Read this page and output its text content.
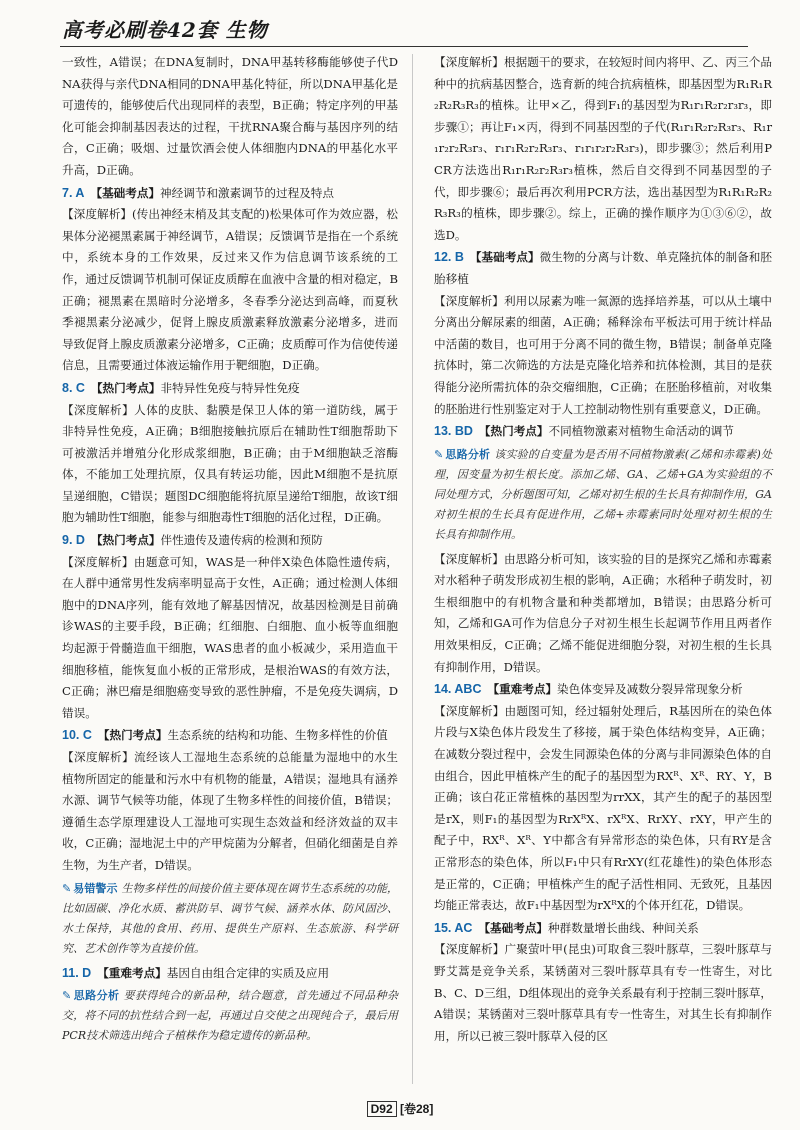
高考必刷卷42套 生物

一致性，A错误；在DNA复制时，DNA甲基转移酶能够使子代DNA获得与亲代DNA相同的DNA甲基化特征，所以DNA甲基化是可遗传的，能够使后代出现同样的表型，B正确；特定序列的甲基化可能会抑制基因表达的过程，干扰RNA聚合酶与基因序列的结合，C正确；吸烟、过量饮酒会使人体细胞内DNA的甲基化水平升高，D正确。

7. A 【基础考点】神经调节和激素调节的过程及特点

【深度解析】(传出神经末梢及其支配的)松果体可作为效应器，松果体分泌褪黑素属于神经调节，A错误；反馈调节是指在一个系统中，系统本身的工作效果，反过来又作为信息调节该系统的工作，通过反馈调节机制可保证皮质醇在血液中含量的相对稳定，B正确；褪黑素在黑暗时分泌增多，冬春季分泌达到高峰，而夏秋季褪黑素分泌减少，促肾上腺皮质激素释放激素分泌增多，进而导致促肾上腺皮质激素分泌增多，C正确；皮质醇可作为信使传递信息，且需要通过体液运输作用于靶细胞，D正确。

8. C 【热门考点】非特异性免疫与特异性免疫

【深度解析】人体的皮肤、黏膜是保卫人体的第一道防线，属于非特异性免疫，A正确；B细胞接触抗原后在辅助性T细胞帮助下可被激活并增殖分化形成浆细胞，B正确；由于M细胞缺乏溶酶体，不能加工处理抗原，仅具有转运功能，因此M细胞不是抗原呈递细胞，C错误；题图DC细胞能将抗原呈递给T细胞，故该T细胞为辅助性T细胞，能参与细胞毒性T细胞的活化过程，D正确。

9. D 【热门考点】伴性遗传及遗传病的检测和预防

【深度解析】由题意可知，WAS是一种伴X染色体隐性遗传病，在人群中通常男性发病率明显高于女性，A正确；通过检测人体细胞中的DNA序列，能有效地了解基因情况，故基因检测是目前确诊WAS的主要手段，B正确；红细胞、白细胞、血小板等血细胞均起源于骨髓造血干细胞，WAS患者的血小板减少，采用造血干细胞移植，能恢复血小板的正常形成，是根治WAS的有效方法，C正确；淋巴瘤是细胞癌变导致的恶性肿瘤，不是免疫失调病，D错误。

10. C 【热门考点】生态系统的结构和功能、生物多样性的价值

【深度解析】流经该人工湿地生态系统的总能量为湿地中的水生植物所固定的能量和污水中有机物的能量，A错误；湿地具有涵养水源、调节气候等功能，体现了生物多样性的间接价值，B错误；遵循生态学原理建设人工湿地可实现生态效益和经济效益的双丰收，C正确；湿地泥土中的产甲烷菌为分解者，但硝化细菌是自养生物，为生产者，D错误。

✎ 易错警示 生物多样性的间接价值主要体现在调节生态系统的功能，比如固碳、净化水质、蓄洪防旱、调节气候、涵养水体、防风固沙、水土保持，其他的食用、药用、提供生产原料、生态旅游、科学研究、艺术创作等为直接价值。

11. D 【重难考点】基因自由组合定律的实质及应用

✎ 思路分析 要获得纯合的新品种，结合题意，首先通过不同品种杂交，将不同的抗性结合到一起，再通过自交使之出现纯合子，最后用PCR技术筛选出纯合子植株作为稳定遗传的新品种。

【深度解析】根据题干的要求，在较短时间内将甲、乙、丙三个品种中的抗病基因整合，选育新的纯合抗病植株，即基因型为R₁R₁R₂R₂R₃R₃的植株。让甲×乙，得到F₁的基因型为R₁r₁R₂r₂r₃r₃，即步骤①；再让F₁×丙，得到不同基因型的子代(R₁r₁R₂r₂R₃r₃、R₁r₁r₂r₂R₃r₃、r₁r₁R₂r₂R₃r₃、r₁r₁r₂r₂R₃r₃)，即步骤③；然后利用PCR方法选出R₁r₁R₂r₂R₃r₃植株，然后自交得到不同基因型的子代，即步骤⑥；最后再次利用PCR方法，选出基因型为R₁R₁R₂R₂R₃R₃的植株，即步骤②。综上，正确的操作顺序为①③⑥②，故选D。

12. B 【基础考点】微生物的分离与计数、单克隆抗体的制备和胚胎移植

【深度解析】利用以尿素为唯一氮源的选择培养基，可以从土壤中分离出分解尿素的细菌，A正确；稀释涂布平板法可用于统计样品中活菌的数目，也可用于分离不同的微生物，B错误；制备单克隆抗体时，第二次筛选的方法是克隆化培养和抗体检测，其目的是获得能分泌所需抗体的杂交瘤细胞，C正确；在胚胎移植前，对收集的胚胎进行性别鉴定对于人工控制动物性别有重要意义，D正确。

13. BD 【热门考点】不同植物激素对植物生命活动的调节

✎ 思路分析 该实验的自变量为是否用不同植物激素(乙烯和赤霉素)处理，因变量为初生根长度。添加乙烯、GA、乙烯+GA为实验组的不同处理方式，分析题图可知，乙烯对初生根的生长具有抑制作用，GA对初生根的生长具有促进作用，乙烯+赤霉素同时处理对初生根的生长具有抑制作用。

【深度解析】由思路分析可知，该实验的目的是探究乙烯和赤霉素对水稻种子萌发形成初生根的影响，A正确；水稻种子萌发时，初生根细胞中的有机物含量和种类都增加，B错误；由思路分析可知，乙烯和GA可作为信息分子对初生根生长起调节作用且两者作用效果相反，C正确；乙烯不能促进细胞分裂，对初生根的生长具有抑制作用，D错误。

14. ABC 【重难考点】染色体变异及减数分裂异常现象分析

【深度解析】由题图可知，经过辐射处理后，R基因所在的染色体片段与X染色体片段发生了移接，属于染色体结构变异，A正确；在减数分裂过程中，会发生同源染色体的分离与非同源染色体的自由组合，因此甲植株产生的配子的基因型为RXᴿ、Xᴿ、RY、Y，B正确；该白花正常植株的基因型为rrXX，其产生的配子的基因型是rX，则F₁的基因型为RrXᴿX、rXᴿX、RrXY、rXY，甲产生的配子中，RXᴿ、Xᴿ、Y中都含有异常形态的染色体，只有RY是含正常形态的染色体，所以F₁中只有RrXY(红花雄性)的染色体形态是正常的，C正确；甲植株产生的配子活性相同、无致死，且基因均能正常表达，故F₁中基因型为rXᴿX的个体开红花，D错误。

15. AC 【基础考点】种群数量增长曲线、种间关系

【深度解析】广聚萤叶甲(昆虫)可取食三裂叶豚草，三裂叶豚草与野艾蒿是竞争关系，某锈菌对三裂叶豚草具有专一性寄生，对比B、C、D三组，D组体现出的竞争关系最有利于控制三裂叶豚草，A错误；某锈菌对三裂叶豚草具有专一性寄生，对其生长有抑制作用，所以已被三裂叶豚草入侵的区

D92 [卷28]
